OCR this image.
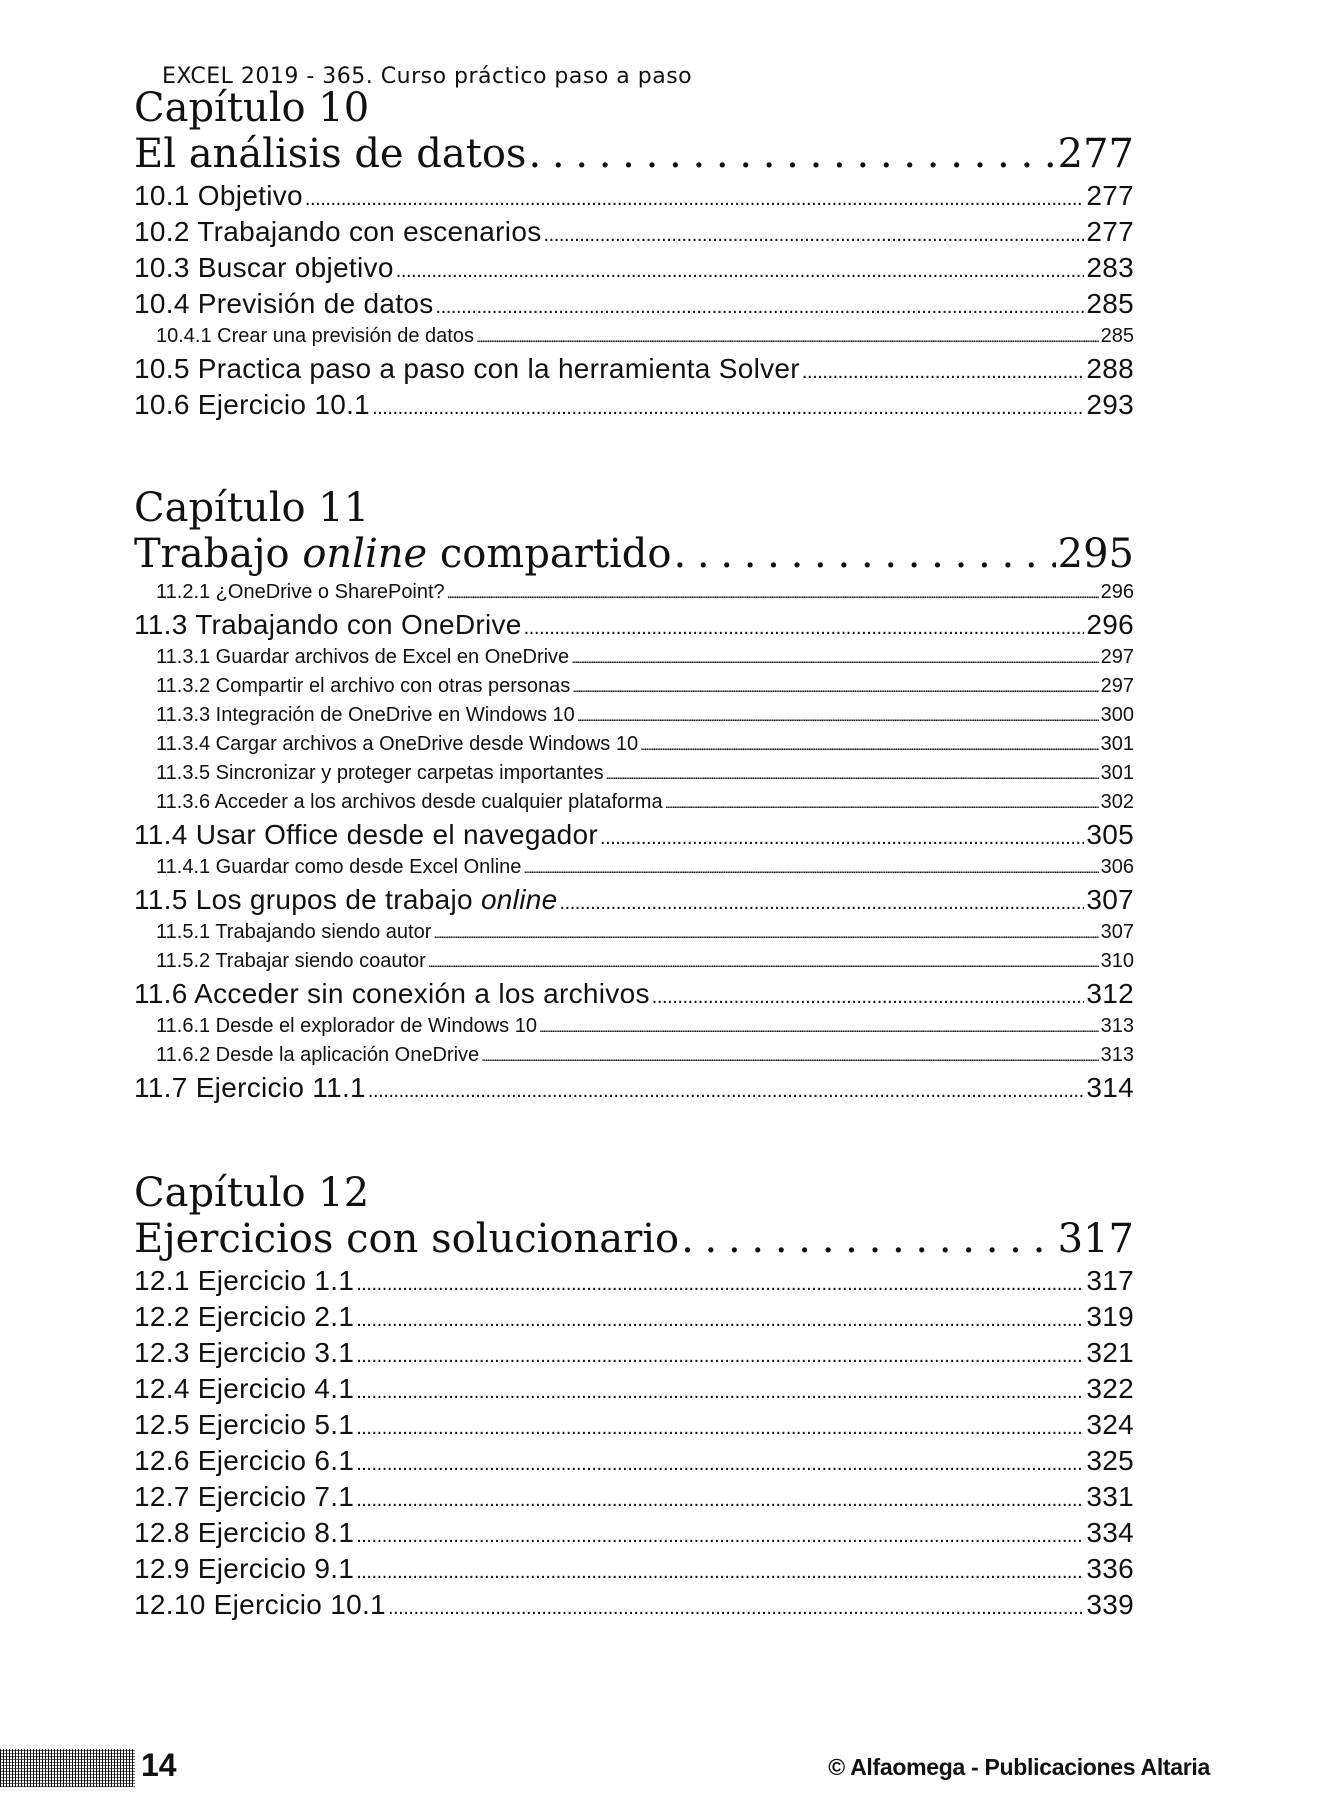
EXCEL 2019 - 365. Curso práctico paso a paso
Capítulo 10
El análisis de datos . . .	277
10.1 Objetivo . . .	277
10.2 Trabajando con escenarios . . .	277
10.3 Buscar objetivo . . .	283
10.4 Previsión de datos . . .	285
10.4.1 Crear una previsión de datos . . .	285
10.5 Practica paso a paso con la herramienta Solver . . .	288
10.6 Ejercicio 10.1 . . .	293
Capítulo 11
Trabajo online compartido . . .	295
11.2.1 ¿OneDrive o SharePoint? . . .	296
11.3 Trabajando con OneDrive . . .	296
11.3.1 Guardar archivos de Excel en OneDrive . . .	297
11.3.2 Compartir el archivo con otras personas . . .	297
11.3.3 Integración de OneDrive en Windows 10 . . .	300
11.3.4 Cargar archivos a OneDrive desde Windows 10 . . .	301
11.3.5 Sincronizar y proteger carpetas importantes . . .	301
11.3.6 Acceder a los archivos desde cualquier plataforma . . .	302
11.4 Usar Office desde el navegador . . .	305
11.4.1 Guardar como desde Excel Online . . .	306
11.5 Los grupos de trabajo online . . .	307
11.5.1 Trabajando siendo autor . . .	307
11.5.2 Trabajar siendo coautor . . .	310
11.6 Acceder sin conexión a los archivos . . .	312
11.6.1 Desde el explorador de Windows 10 . . .	313
11.6.2 Desde la aplicación OneDrive . . .	313
11.7 Ejercicio 11.1 . . .	314
Capítulo 12
Ejercicios con solucionario . . .	317
12.1 Ejercicio 1.1 . . .	317
12.2 Ejercicio 2.1 . . .	319
12.3 Ejercicio 3.1 . . .	321
12.4 Ejercicio 4.1 . . .	322
12.5 Ejercicio 5.1 . . .	324
12.6 Ejercicio 6.1 . . .	325
12.7 Ejercicio 7.1 . . .	331
12.8 Ejercicio 8.1 . . .	334
12.9 Ejercicio 9.1 . . .	336
12.10 Ejercicio 10.1 . . .	339
14	© Alfaomega - Publicaciones Altaria
